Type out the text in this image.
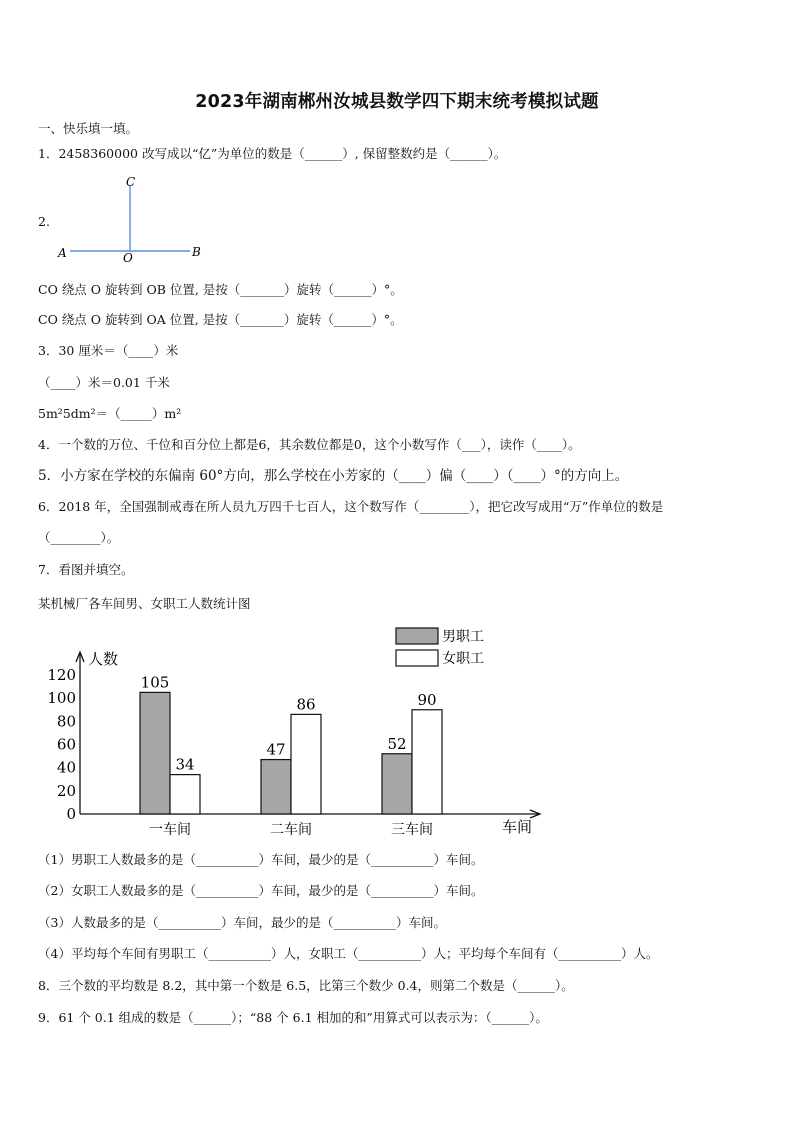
2023年湖南郴州汝城县数学四下期末统考模拟试题
一、快乐填一填。
1．2458360000 改写成以“亿”为单位的数是（______）, 保留整数约是（______）。
2.
C
A	O	B
CO 绕点 O 旋转到 OB 位置, 是按（_______）旋转（______）°。
CO 绕点 O 旋转到 OA 位置, 是按（_______）旋转（______）°。
3．30 厘米＝（____）米
（____）米＝0.01 千米
5m²5dm²＝（_____）m²
4．一个数的万位、千位和百分位上都是6，其余数位都是0，这个小数写作（___），读作（____）。
5．小方家在学校的东偏南 60°方向，那么学校在小芳家的（____）偏（____）（____）°的方向上。
6．2018 年，全国强制戒毒在所人员九万四千七百人，这个数写作（________），把它改写成用“万”作单位的数是
（________）。
7．看图并填空。
某机械厂各车间男、女职工人数统计图
人数
车间
0
20
40
60
80
100
120	105
34
一车间
47
86
二车间
52
90
三车间
男职工
女职工
（1）男职工人数最多的是（__________）车间，最少的是（__________）车间。
（2）女职工人数最多的是（__________）车间，最少的是（__________）车间。
（3）人数最多的是（__________）车间，最少的是（__________）车间。
（4）平均每个车间有男职工（__________）人，女职工（__________）人；平均每个车间有（__________）人。
8．三个数的平均数是 8.2，其中第一个数是 6.5，比第三个数少 0.4，则第二个数是（______）。
9．61 个 0.1 组成的数是（______）；“88 个 6.1 相加的和”用算式可以表示为：（______）。
